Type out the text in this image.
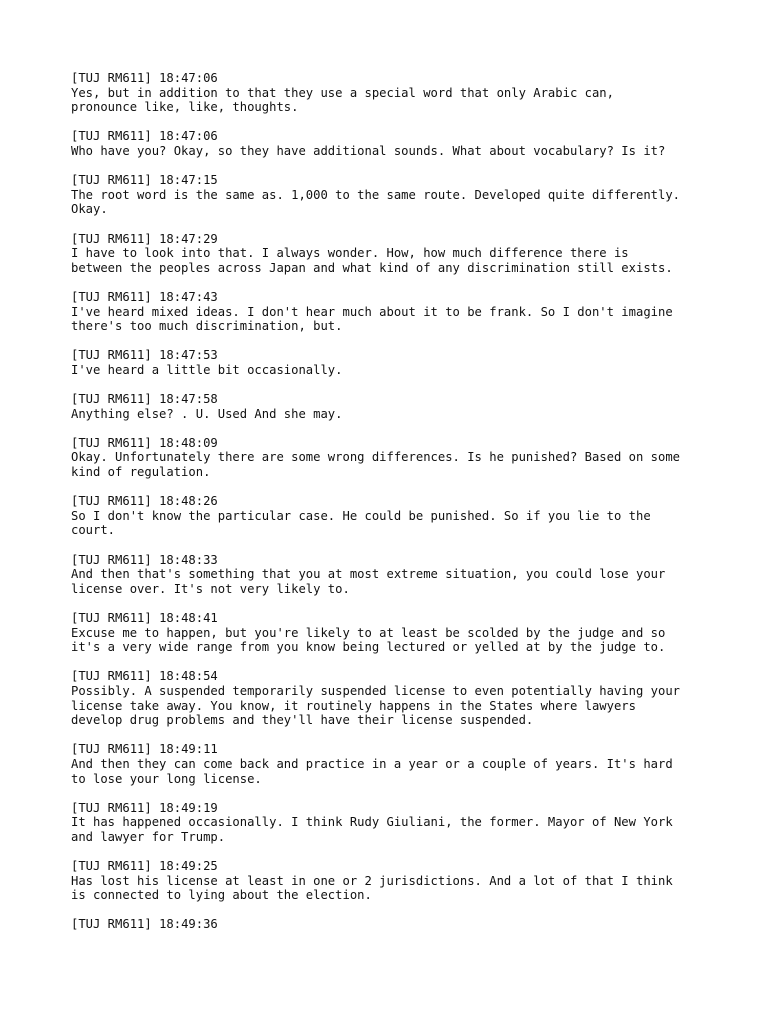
[TUJ RM611] 18:47:06
Yes, but in addition to that they use a special word that only Arabic can,
pronounce like, like, thoughts.
[TUJ RM611] 18:47:06
Who have you? Okay, so they have additional sounds. What about vocabulary? Is it?
[TUJ RM611] 18:47:15
The root word is the same as. 1,000 to the same route. Developed quite differently.
Okay.
[TUJ RM611] 18:47:29
I have to look into that. I always wonder. How, how much difference there is
between the peoples across Japan and what kind of any discrimination still exists.
[TUJ RM611] 18:47:43
I've heard mixed ideas. I don't hear much about it to be frank. So I don't imagine
there's too much discrimination, but.
[TUJ RM611] 18:47:53
I've heard a little bit occasionally.
[TUJ RM611] 18:47:58
Anything else? . U. Used And she may.
[TUJ RM611] 18:48:09
Okay. Unfortunately there are some wrong differences. Is he punished? Based on some
kind of regulation.
[TUJ RM611] 18:48:26
So I don't know the particular case. He could be punished. So if you lie to the
court.
[TUJ RM611] 18:48:33
And then that's something that you at most extreme situation, you could lose your
license over. It's not very likely to.
[TUJ RM611] 18:48:41
Excuse me to happen, but you're likely to at least be scolded by the judge and so
it's a very wide range from you know being lectured or yelled at by the judge to.
[TUJ RM611] 18:48:54
Possibly. A suspended temporarily suspended license to even potentially having your
license take away. You know, it routinely happens in the States where lawyers
develop drug problems and they'll have their license suspended.
[TUJ RM611] 18:49:11
And then they can come back and practice in a year or a couple of years. It's hard
to lose your long license.
[TUJ RM611] 18:49:19
It has happened occasionally. I think Rudy Giuliani, the former. Mayor of New York
and lawyer for Trump.
[TUJ RM611] 18:49:25
Has lost his license at least in one or 2 jurisdictions. And a lot of that I think
is connected to lying about the election.
[TUJ RM611] 18:49:36
